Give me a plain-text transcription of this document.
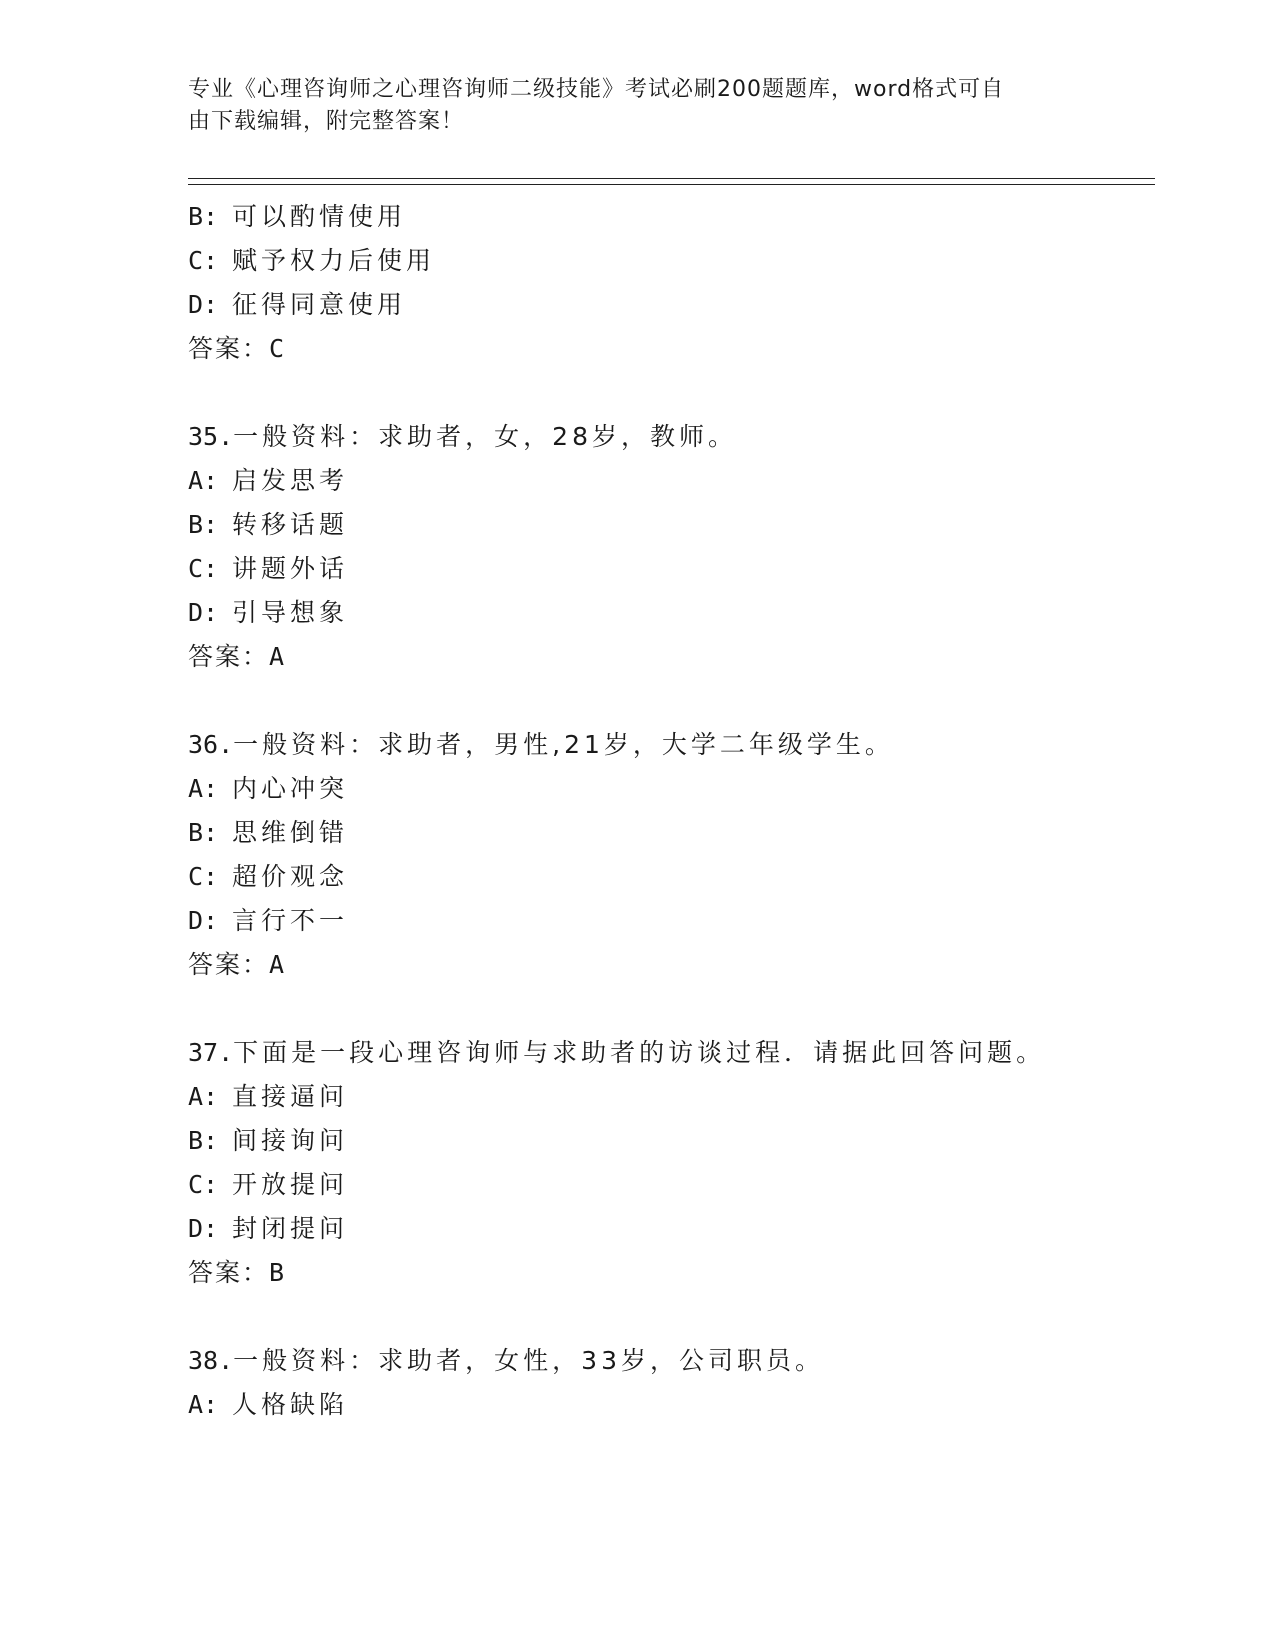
专业《心理咨询师之心理咨询师二级技能》考试必刷200题题库，word格式可自
由下载编辑，附完整答案！
B: 可以酌情使用
C: 赋予权力后使用
D: 征得同意使用
答案：C
35.一般资料：求助者，女，28岁，教师。
A: 启发思考
B: 转移话题
C: 讲题外话
D: 引导想象
答案：A
36.一般资料：求助者，男性,21岁，大学二年级学生。
A: 内心冲突
B: 思维倒错
C: 超价观念
D: 言行不一
答案：A
37.下面是一段心理咨询师与求助者的访谈过程．请据此回答问题。
A: 直接逼问
B: 间接询问
C: 开放提问
D: 封闭提问
答案：B
38.一般资料：求助者，女性，33岁，公司职员。
A: 人格缺陷
